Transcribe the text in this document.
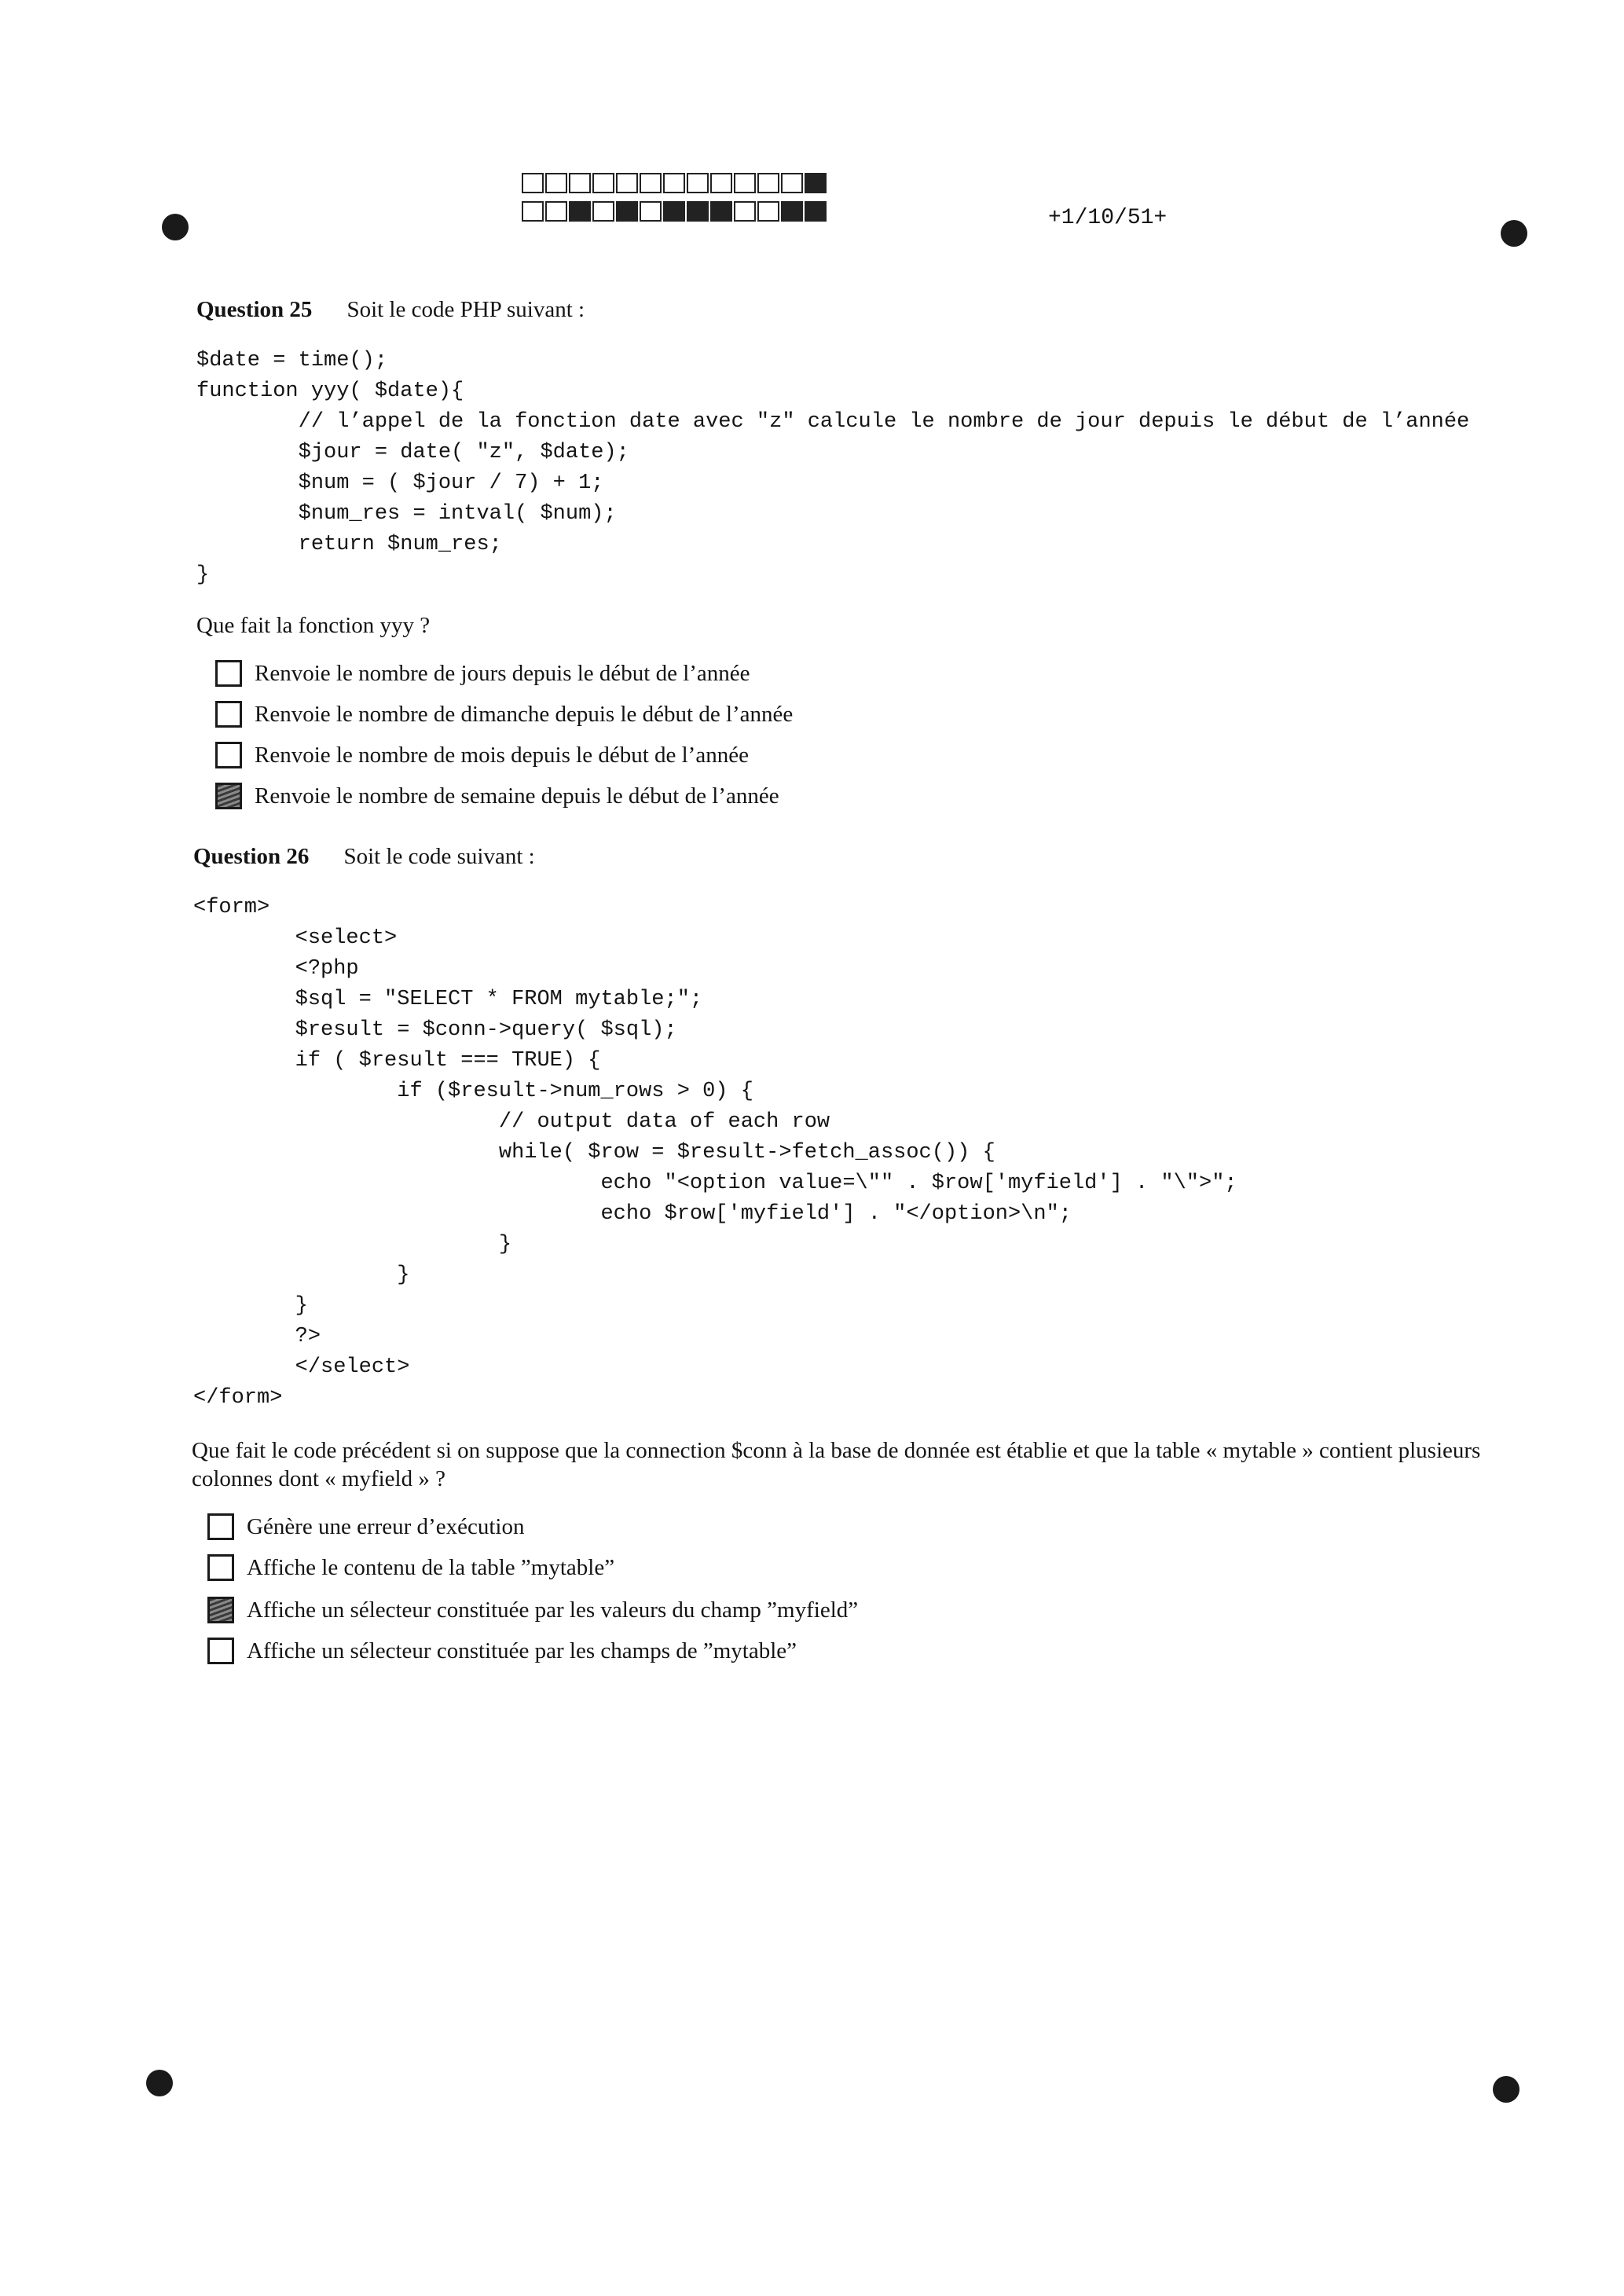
+1/10/51+
Question 25 Soit le code PHP suivant :
$date = time();
function yyy( $date){
// l’appel de la fonction date avec "z" calcule le nombre de jour depuis le début de l’année
$jour = date( "z", $date);
$num = ( $jour / 7) + 1;
$num_res = intval( $num);
return $num_res;
}
Que fait la fonction yyy ?
Renvoie le nombre de jours depuis le début de l’année
Renvoie le nombre de dimanche depuis le début de l’année
Renvoie le nombre de mois depuis le début de l’année
Renvoie le nombre de semaine depuis le début de l’année
Question 26 Soit le code suivant :
<form>
<select>
<?php
$sql = "SELECT * FROM mytable;";
$result = $conn->query( $sql);
if ( $result === TRUE) {
if ($result->num_rows > 0) {
// output data of each row
while( $row = $result->fetch_assoc()) {
echo "<option value=\"" . $row['myfield'] . "\">";
echo $row['myfield'] . "</option>\n";
}
}
}
?>
</select>
</form>
Que fait le code précédent si on suppose que la connection $conn à la base de donnée est établie et que la table « mytable » contient plusieurs colonnes dont « myfield » ?
Génère une erreur d’exécution
Affiche le contenu de la table ”mytable”
Affiche un sélecteur constituée par les valeurs du champ ”myfield”
Affiche un sélecteur constituée par les champs de ”mytable”
